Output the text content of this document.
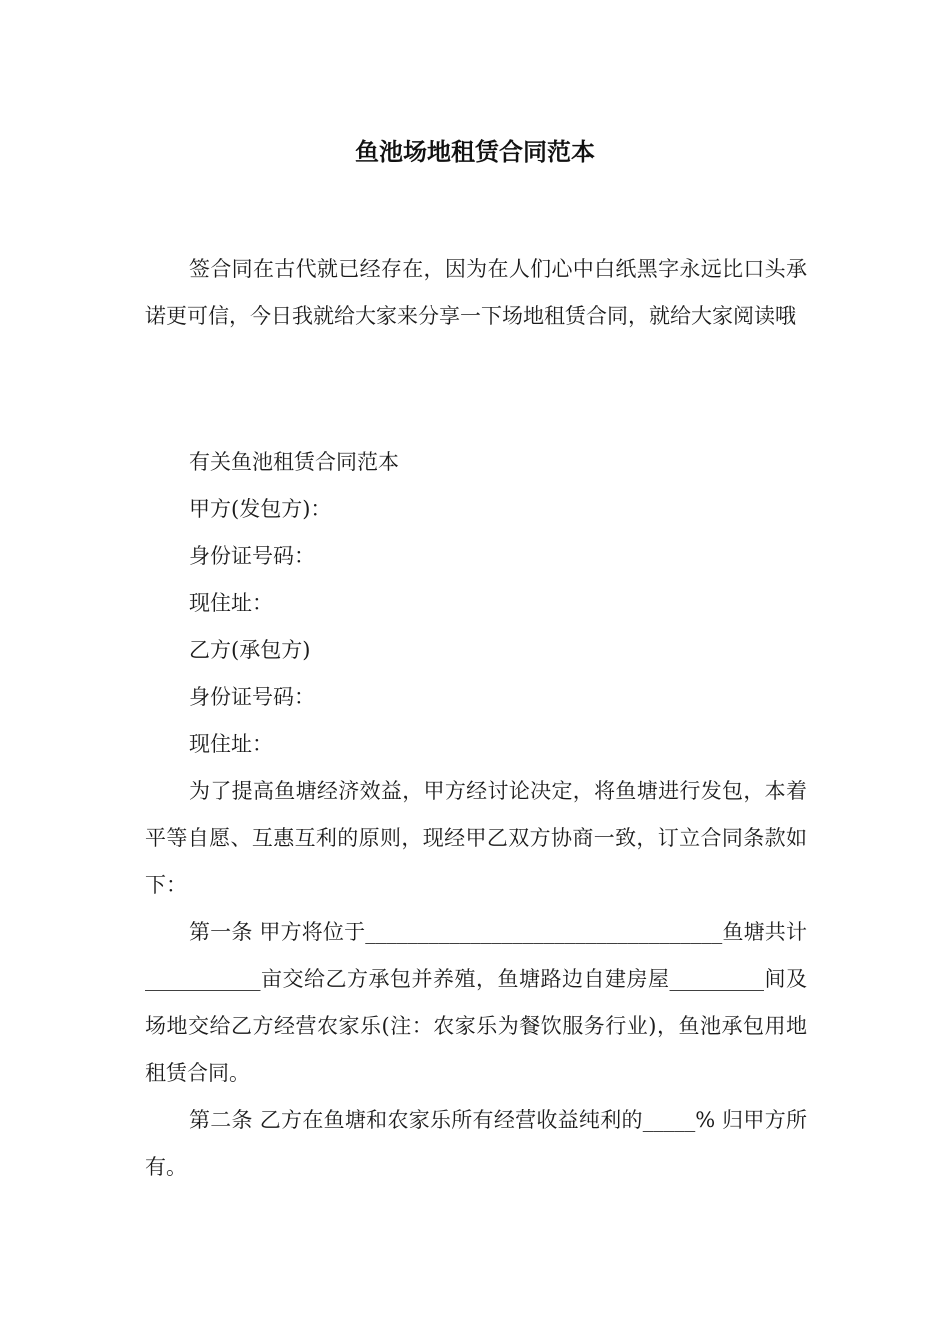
鱼池场地租赁合同范本

签合同在古代就已经存在，因为在人们心中白纸黑字永远比口头承诺更可信，今日我就给大家来分享一下场地租赁合同，就给大家阅读哦

有关鱼池租赁合同范本

甲方(发包方)：

身份证号码：

现住址：

乙方(承包方)

身份证号码：

现住址：

为了提高鱼塘经济效益，甲方经讨论决定，将鱼塘进行发包，本着平等自愿、互惠互利的原则，现经甲乙双方协商一致，订立合同条款如下：

第一条 甲方将位于__________________________________鱼塘共计___________亩交给乙方承包并养殖，鱼塘路边自建房屋_________间及场地交给乙方经营农家乐(注：农家乐为餐饮服务行业)，鱼池承包用地租赁合同。

第二条 乙方在鱼塘和农家乐所有经营收益纯利的_____% 归甲方所有。
